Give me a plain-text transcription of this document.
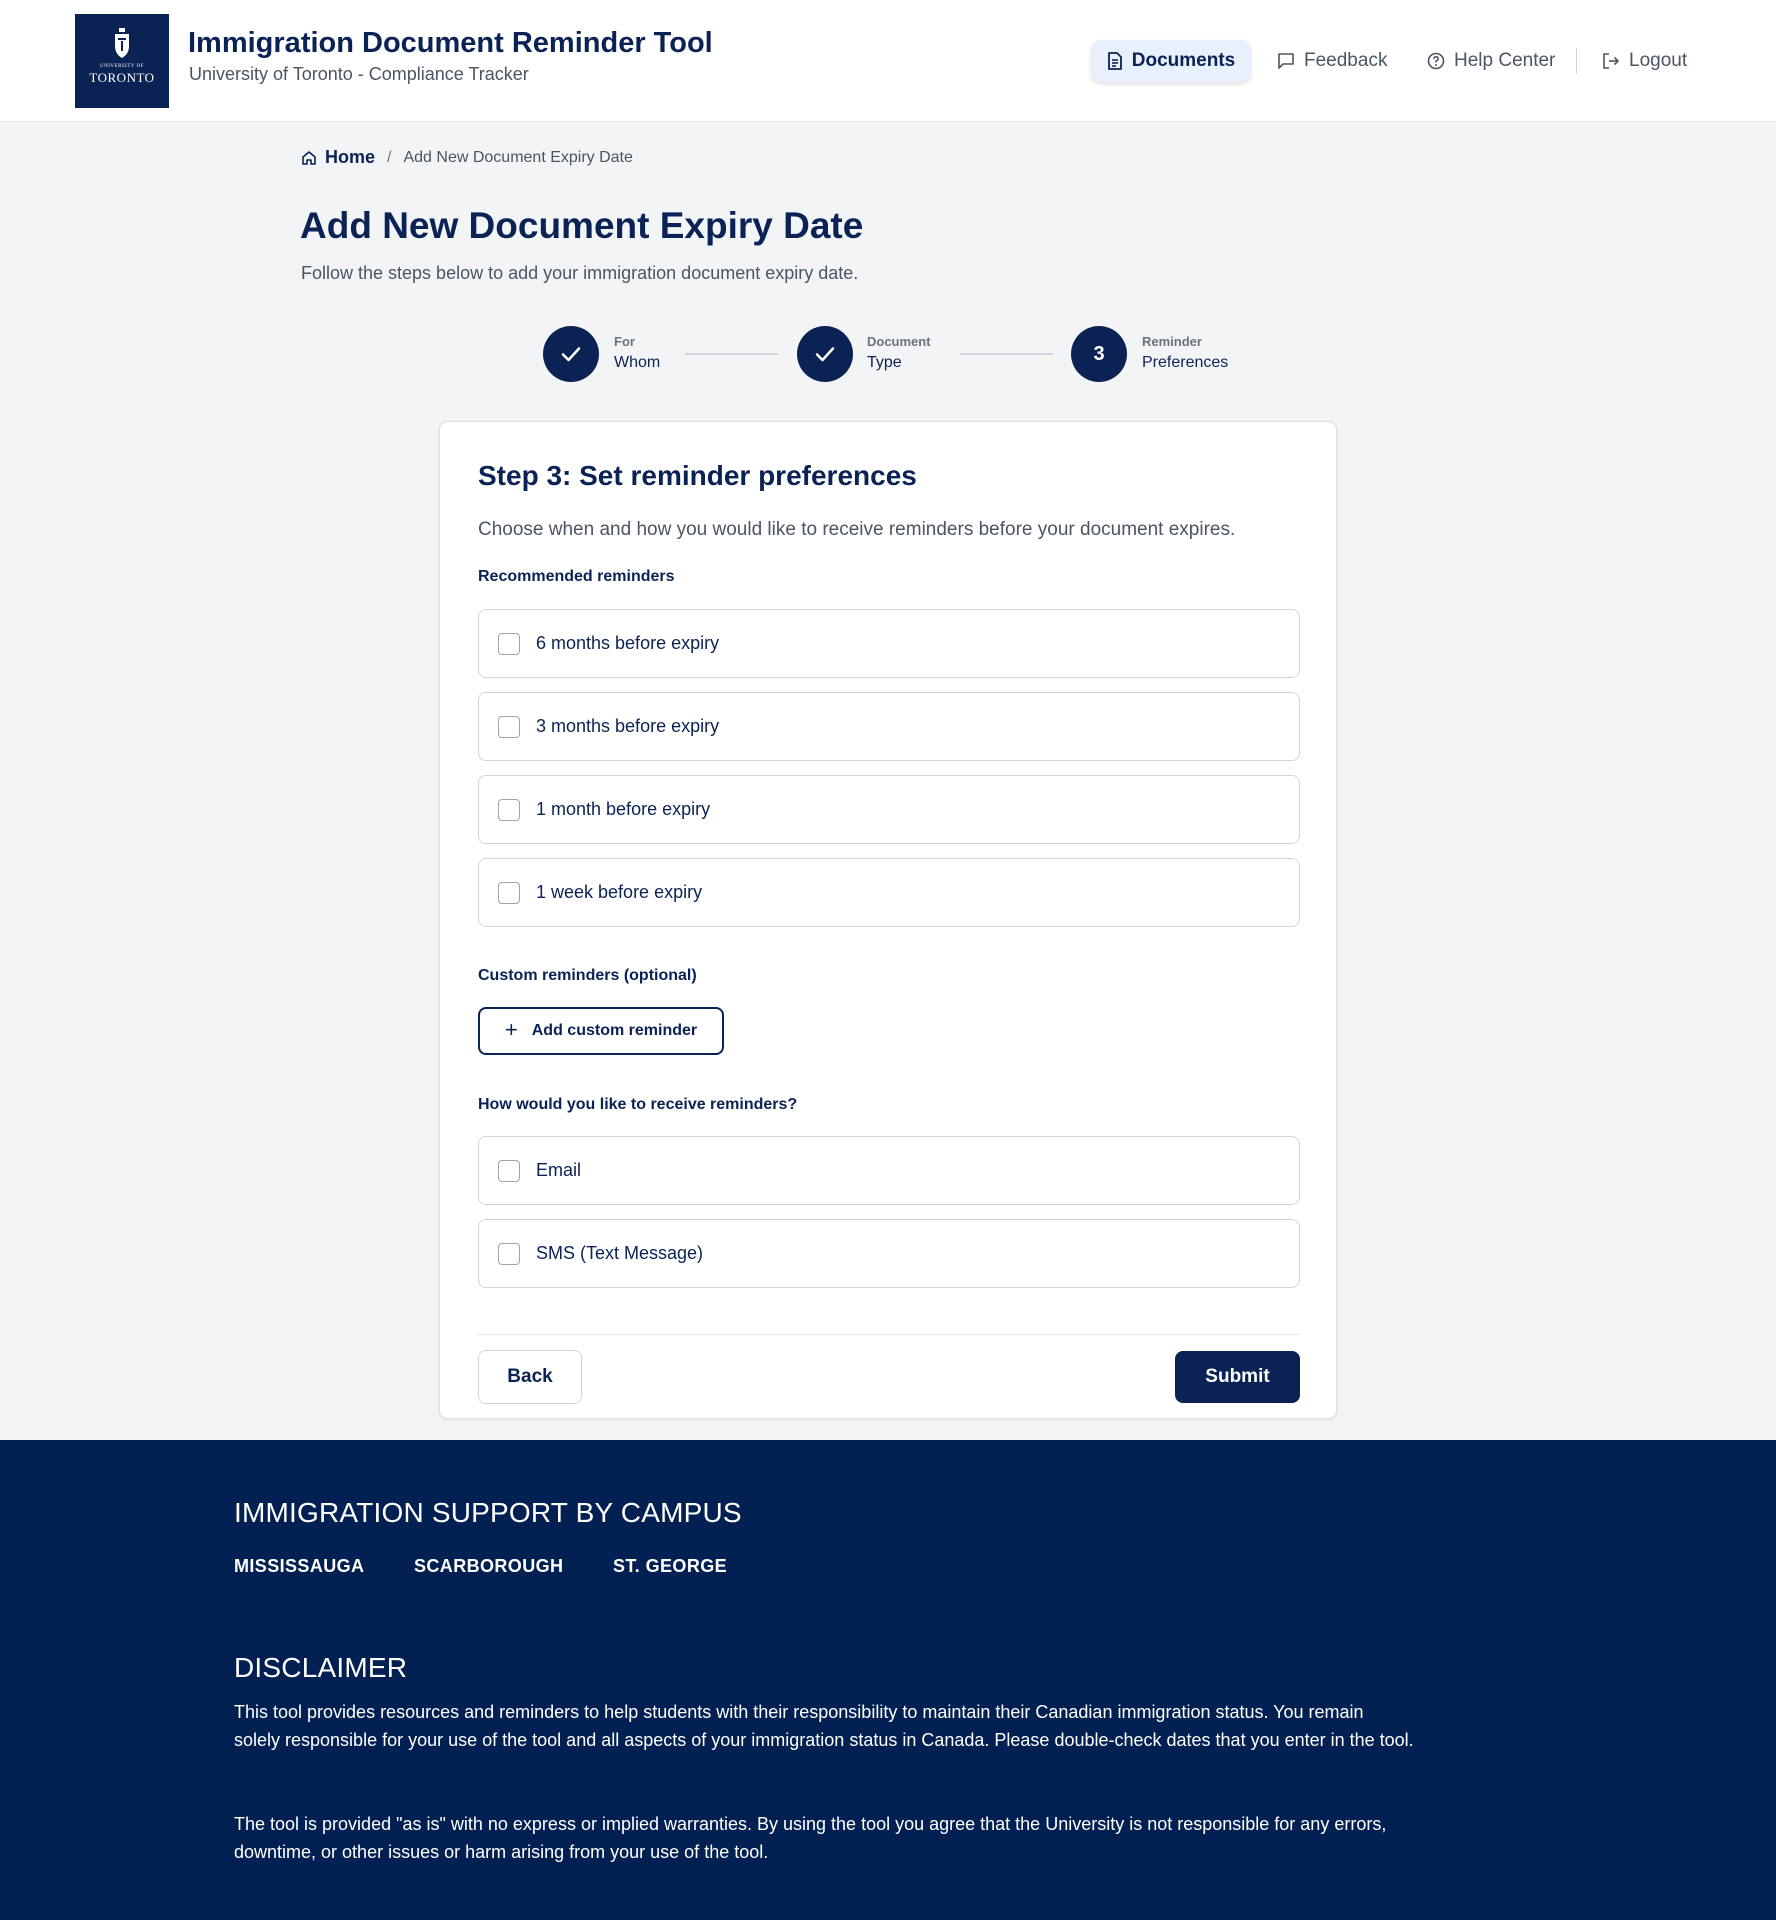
UNIVERSITY OF
TORONTO
Immigration Document Reminder Tool
University of Toronto - Compliance Tracker
Documents	Feedback	Help Center	Logout
Home / Add New Document Expiry Date
Add New Document Expiry Date
Follow the steps below to add your immigration document expiry date.
For
Whom
Document
Type	3
Reminder
Preferences
Step 3: Set reminder preferences
Choose when and how you would like to receive reminders before your document expires.
Recommended reminders
6 months before expiry
3 months before expiry
1 month before expiry
1 week before expiry
Custom reminders (optional)
+ Add custom reminder
How would you like to receive reminders?
Email
SMS (Text Message)
Back	Submit
IMMIGRATION SUPPORT BY CAMPUS
MISSISSAUGA	SCARBOROUGH	ST. GEORGE
DISCLAIMER
This tool provides resources and reminders to help students with their responsibility to maintain their Canadian immigration status. You remain solely responsible for your use of the tool and all aspects of your immigration status in Canada. Please double-check dates that you enter in the tool.
The tool is provided "as is" with no express or implied warranties. By using the tool you agree that the University is not responsible for any errors, downtime, or other issues or harm arising from your use of the tool.
